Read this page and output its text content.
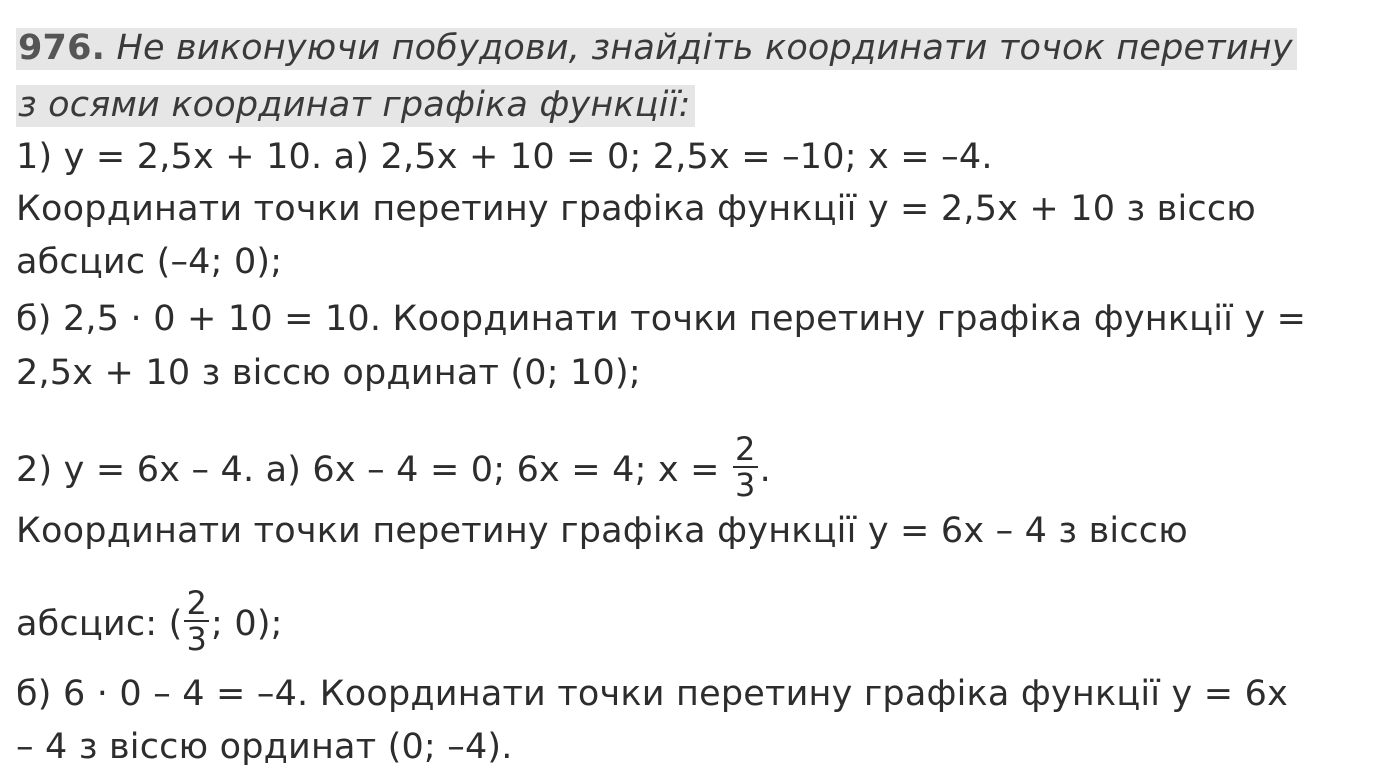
976. Не виконуючи побудови, знайдіть координати точок перетину
з осями координат графіка функції:
1) y = 2,5x + 10. а) 2,5x + 10 = 0; 2,5x = –10; x = –4.
Координати точки перетину графіка функції y = 2,5x + 10 з віссю
абсцис (–4; 0);
б) 2,5 · 0 + 10 = 10. Координати точки перетину графіка функції y =
2,5x + 10 з віссю ординат (0; 10);
2) y = 6x – 4. а) 6x – 4 = 0; 6x = 4; $x = \frac{2}{3}$ .
Координати точки перетину графіка функції y = 6x – 4 з віссю
абсцис: ( $\frac{2}{3}$ ; 0);
б) 6 · 0 – 4 = –4. Координати точки перетину графіка функції y = 6x
– 4 з віссю ординат (0; –4).
